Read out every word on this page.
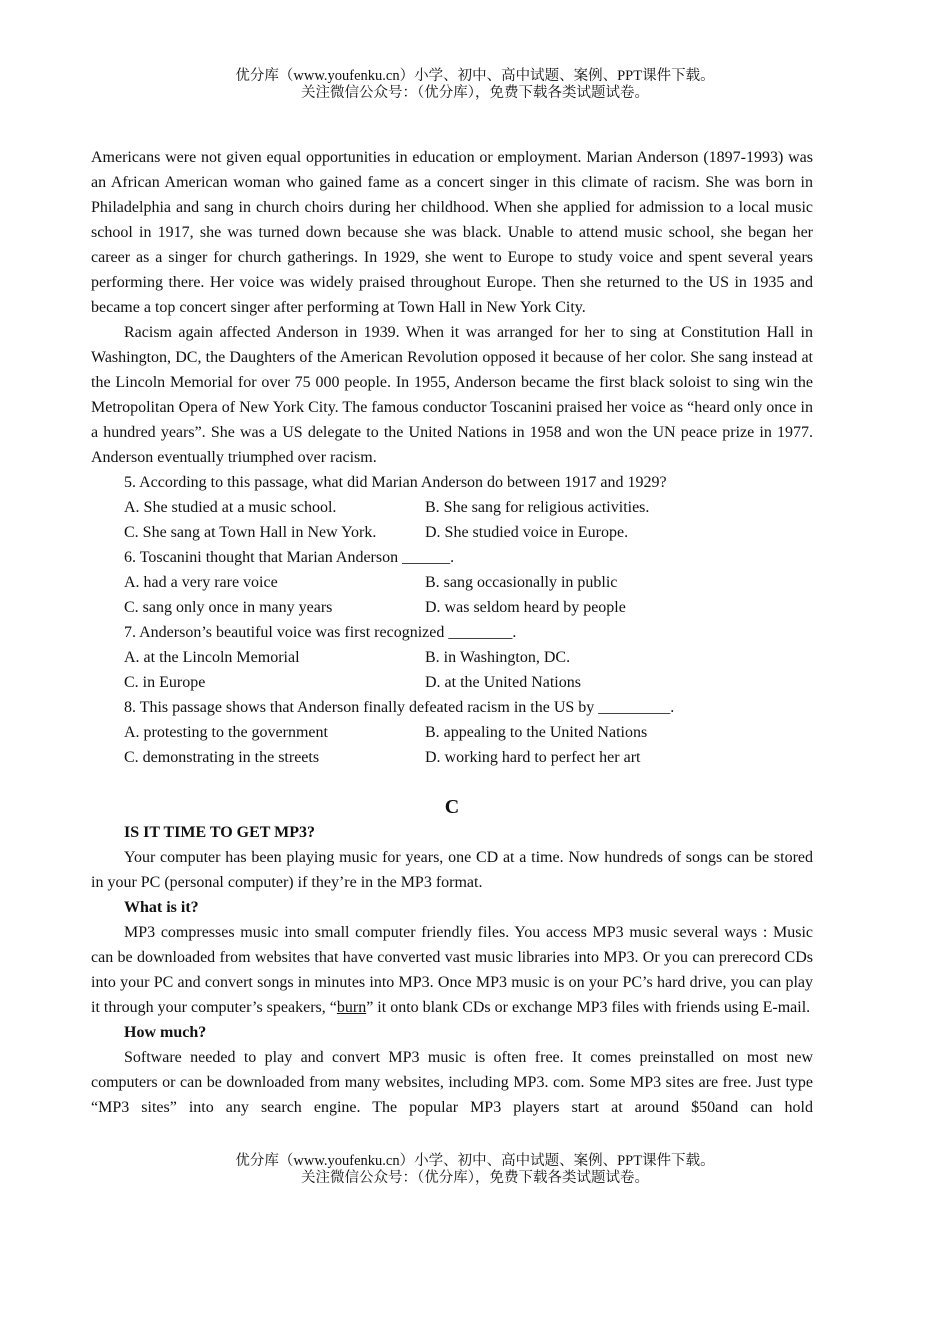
优分库（www.youfenku.cn）小学、初中、高中试题、案例、PPT课件下载。
关注微信公众号：（优分库），免费下载各类试题试卷。

Americans were not given equal opportunities in education or employment. Marian Anderson (1897-1993) was an African American woman who gained fame as a concert singer in this climate of racism. She was born in Philadelphia and sang in church choirs during her childhood. When she applied for admission to a local music school in 1917, she was turned down because she was black. Unable to attend music school, she began her career as a singer for church gatherings. In 1929, she went to Europe to study voice and spent several years performing there. Her voice was widely praised throughout Europe. Then she returned to the US in 1935 and became a top concert singer after performing at Town Hall in New York City.

Racism again affected Anderson in 1939. When it was arranged for her to sing at Constitution Hall in Washington, DC, the Daughters of the American Revolution opposed it because of her color. She sang instead at the Lincoln Memorial for over 75 000 people. In 1955, Anderson became the first black soloist to sing win the Metropolitan Opera of New York City. The famous conductor Toscanini praised her voice as “heard only once in a hundred years”. She was a US delegate to the United Nations in 1958 and won the UN peace prize in 1977. Anderson eventually triumphed over racism.

5. According to this passage, what did Marian Anderson do between 1917 and 1929?

A. She studied at a music school.	B. She sang for religious activities.
C. She sang at Town Hall in New York.	D. She studied voice in Europe.

6. Toscanini thought that Marian Anderson ______.

A. had a very rare voice	B. sang occasionally in public
C. sang only once in many years	D. was seldom heard by people

7. Anderson’s beautiful voice was first recognized ________.

A. at the Lincoln Memorial	B. in Washington, DC.
C. in Europe	D. at the United Nations

8. This passage shows that Anderson finally defeated racism in the US by _________.

A. protesting to the government	B. appealing to the United Nations
C. demonstrating in the streets	D. working hard to perfect her art

C

IS IT TIME TO GET MP3?

Your computer has been playing music for years, one CD at a time. Now hundreds of songs can be stored in your PC (personal computer) if they’re in the MP3 format.

What is it?

MP3 compresses music into small computer friendly files. You access MP3 music several ways : Music can be downloaded from websites that have converted vast music libraries into MP3. Or you can prerecord CDs into your PC and convert songs in minutes into MP3. Once MP3 music is on your PC’s hard drive, you can play it through your computer’s speakers, “burn” it onto blank CDs or exchange MP3 files with friends using E-mail.

How much?

Software needed to play and convert MP3 music is often free. It comes preinstalled on most new computers or can be downloaded from many websites, including MP3. com. Some MP3 sites are free. Just type “MP3 sites” into any search engine. The popular MP3 players start at around $50and can hold

优分库（www.youfenku.cn）小学、初中、高中试题、案例、PPT课件下载。
关注微信公众号：（优分库），免费下载各类试题试卷。
